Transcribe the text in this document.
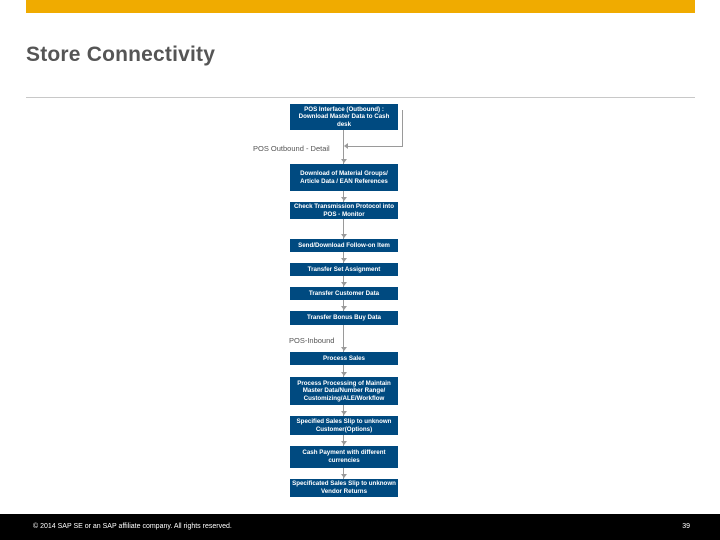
Store Connectivity
POS Outbound - Detail
POS-Inbound
POS Interface (Outbound) : Download Master Data to Cash desk
Download of Material Groups/ Article Data / EAN References
Check Transmission Protocol into POS - Monitor
Send/Download Follow-on Item
Transfer Set Assignment
Transfer Customer Data
Transfer Bonus Buy Data
Process Sales
Process Processing of Maintain Master Data/Number Range/ Customizing/ALE/Workflow
Specified Sales Slip to unknown Customer(Options)
Cash Payment with different currencies
Specificated Sales Slip to unknown Vendor Returns
© 2014 SAP SE or an SAP affiliate company. All rights reserved.	39
